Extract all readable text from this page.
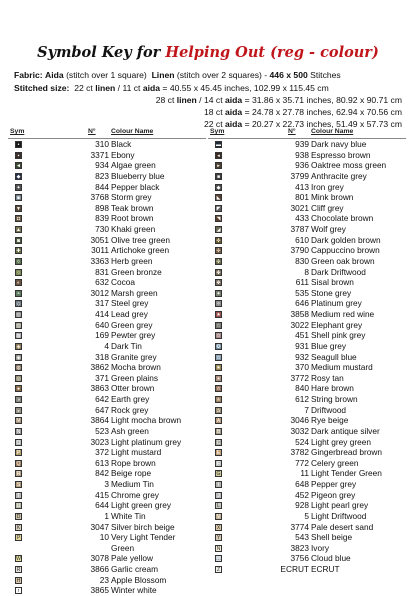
Symbol Key for Helping Out (reg - colour)
Fabric: Aida (stitch over 1 square) Linen (stitch over 2 squares) - 446 x 500 Stitches
Stitched size: 22 ct linen / 11 ct aida = 40.55 x 45.45 inches, 102.99 x 115.45 cm
28 ct linen / 14 ct aida = 31.86 x 35.71 inches, 80.92 x 90.71 cm
18 ct aida = 24.78 x 27.78 inches, 62.94 x 70.56 cm
22 ct aida = 20.27 x 22.73 inches, 51.49 x 57.73 cm
Sym	N° Colour Name
•	310 Black
▪	3371 Ebony
◄	934 Algae green
◆	823 Blueberry blue
✦	844 Pepper black
▣	3768 Storm grey
▼	898 Teak brown
◘	839 Root brown
▲	730 Khaki green
◙	3051 Olive tree green
✚	3011 Artichoke green
◊	3363 Herb green
○	831 Green bronze
◐	632 Cocoa
◓	3012 Marsh green
◇	317 Steel grey
▧	414 Lead grey
▨	640 Green grey
▩	169 Pewter grey
◈	4 Dark Tin
◉	318 Granite grey
◍	3862 Mocha brown
◎	371 Green plains
●	3863 Otter brown
◑	642 Earth grey
◒	647 Rock grey
M	3864 Light mocha brown
N	523 Ash green
O	3023 Light platinum grey
P	372 Light mustard
Q	613 Rope brown
R	842 Beige rope
S	3 Medium Tin
T	415 Chrome grey
U	644 Light green grey
D	1 White Tin
K	3047 Silver birch beige
P	10 Very Light Tender
Green
W	3078 Pale yellow
R	3866 Garlic cream
H	23 Apple Blossom
r	3865 Winter white
Sym	N° Colour Name
▬	939 Dark navy blue
◂	938 Espresso brown
▸	936 Oaktree moss green
■	3799 Anthracite grey
◆	413 Iron grey
◣	801 Mink brown
◤	3021 Cliff grey
◥	433 Chocolate brown
◢	3787 Wolf grey
✜	610 Dark golden brown
✢	3790 Cappuccino brown
✣	830 Green oak brown
✤	8 Dark Driftwood
✥	611 Sisal brown
✦	535 Stone grey
✧	646 Platinum grey
★	3858 Medium red wine
☆	3022 Elephant grey
✩	451 Shell pink grey
✪	931 Blue grey
✫	932 Seagull blue
✬	370 Medium mustard
✭	3772 Rosy tan
✮	840 Hare brown
✯	612 String brown
✰	7 Driftwood
A	3046 Rye beige
B	3032 Dark antique silver
C	524 Light grey green
E	3782 Gingerbread brown
F	772 Celery green
G	11 Light Tender Green
I	648 Pepper grey
J	452 Pigeon grey
L	928 Light pearl grey
V	5 Light Driftwood
X	3774 Pale desert sand
Y	543 Shell beige
N	3823 Ivory
…	3756 Cloud blue
Z	ECRUT ECRUT
